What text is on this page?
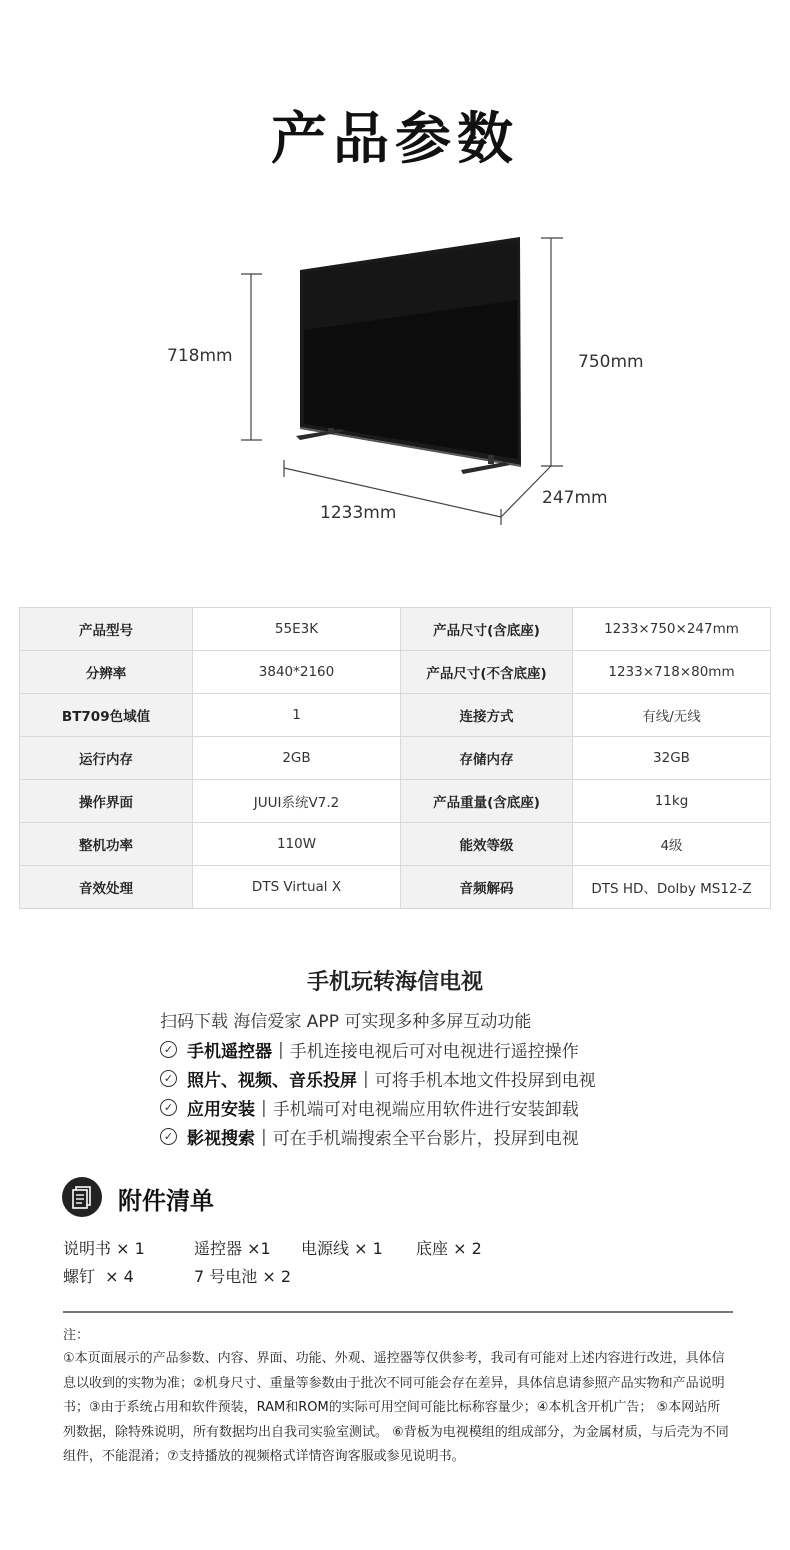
产品参数
718mm	750mm
1233mm
247mm
产品型号	55E3K	产品尺寸(含底座)	1233×750×247mm
分辨率	3840*2160	产品尺寸(不含底座)	1233×718×80mm
BT709色域值	1	连接方式	有线/无线
运行内存	2GB	存储内存	32GB
操作界面	JUUI系统V7.2	产品重量(含底座)	11kg
整机功率	110W	能效等级	4级
音效处理	DTS Virtual X	音频解码	DTS HD、Dolby MS12-Z
手机玩转海信电视
扫码下载 海信爱家 APP 可实现多种多屏互动功能
✓ 手机遥控器 | 手机连接电视后可对电视进行遥控操作
✓ 照片、视频、音乐投屏 | 可将手机本地文件投屏到电视
✓ 应用安装 | 手机端可对电视端应用软件进行安装卸载
✓ 影视搜索 | 可在手机端搜索全平台影片，投屏到电视
附件清单
说明书 × 1	遥控器 ×1 电源线 × 1 底座 × 2
螺钉  × 4	7 号电池 × 2
注：
①本页面展示的产品参数、内容、界面、功能、外观、遥控器等仅供参考，我司有可能对上述内容进行改进，具体信息以收到的实物为准；②机身尺寸、重量等参数由于批次不同可能会存在差异，具体信息请参照产品实物和产品说明书；③由于系统占用和软件预装，RAM和ROM的实际可用空间可能比标称容量少；④本机含开机广告； ⑤本网站所列数据，除特殊说明，所有数据均出自我司实验室测试。 ⑥背板为电视模组的组成部分，为金属材质，与后壳为不同组件，不能混淆；⑦支持播放的视频格式详情咨询客服或参见说明书。
